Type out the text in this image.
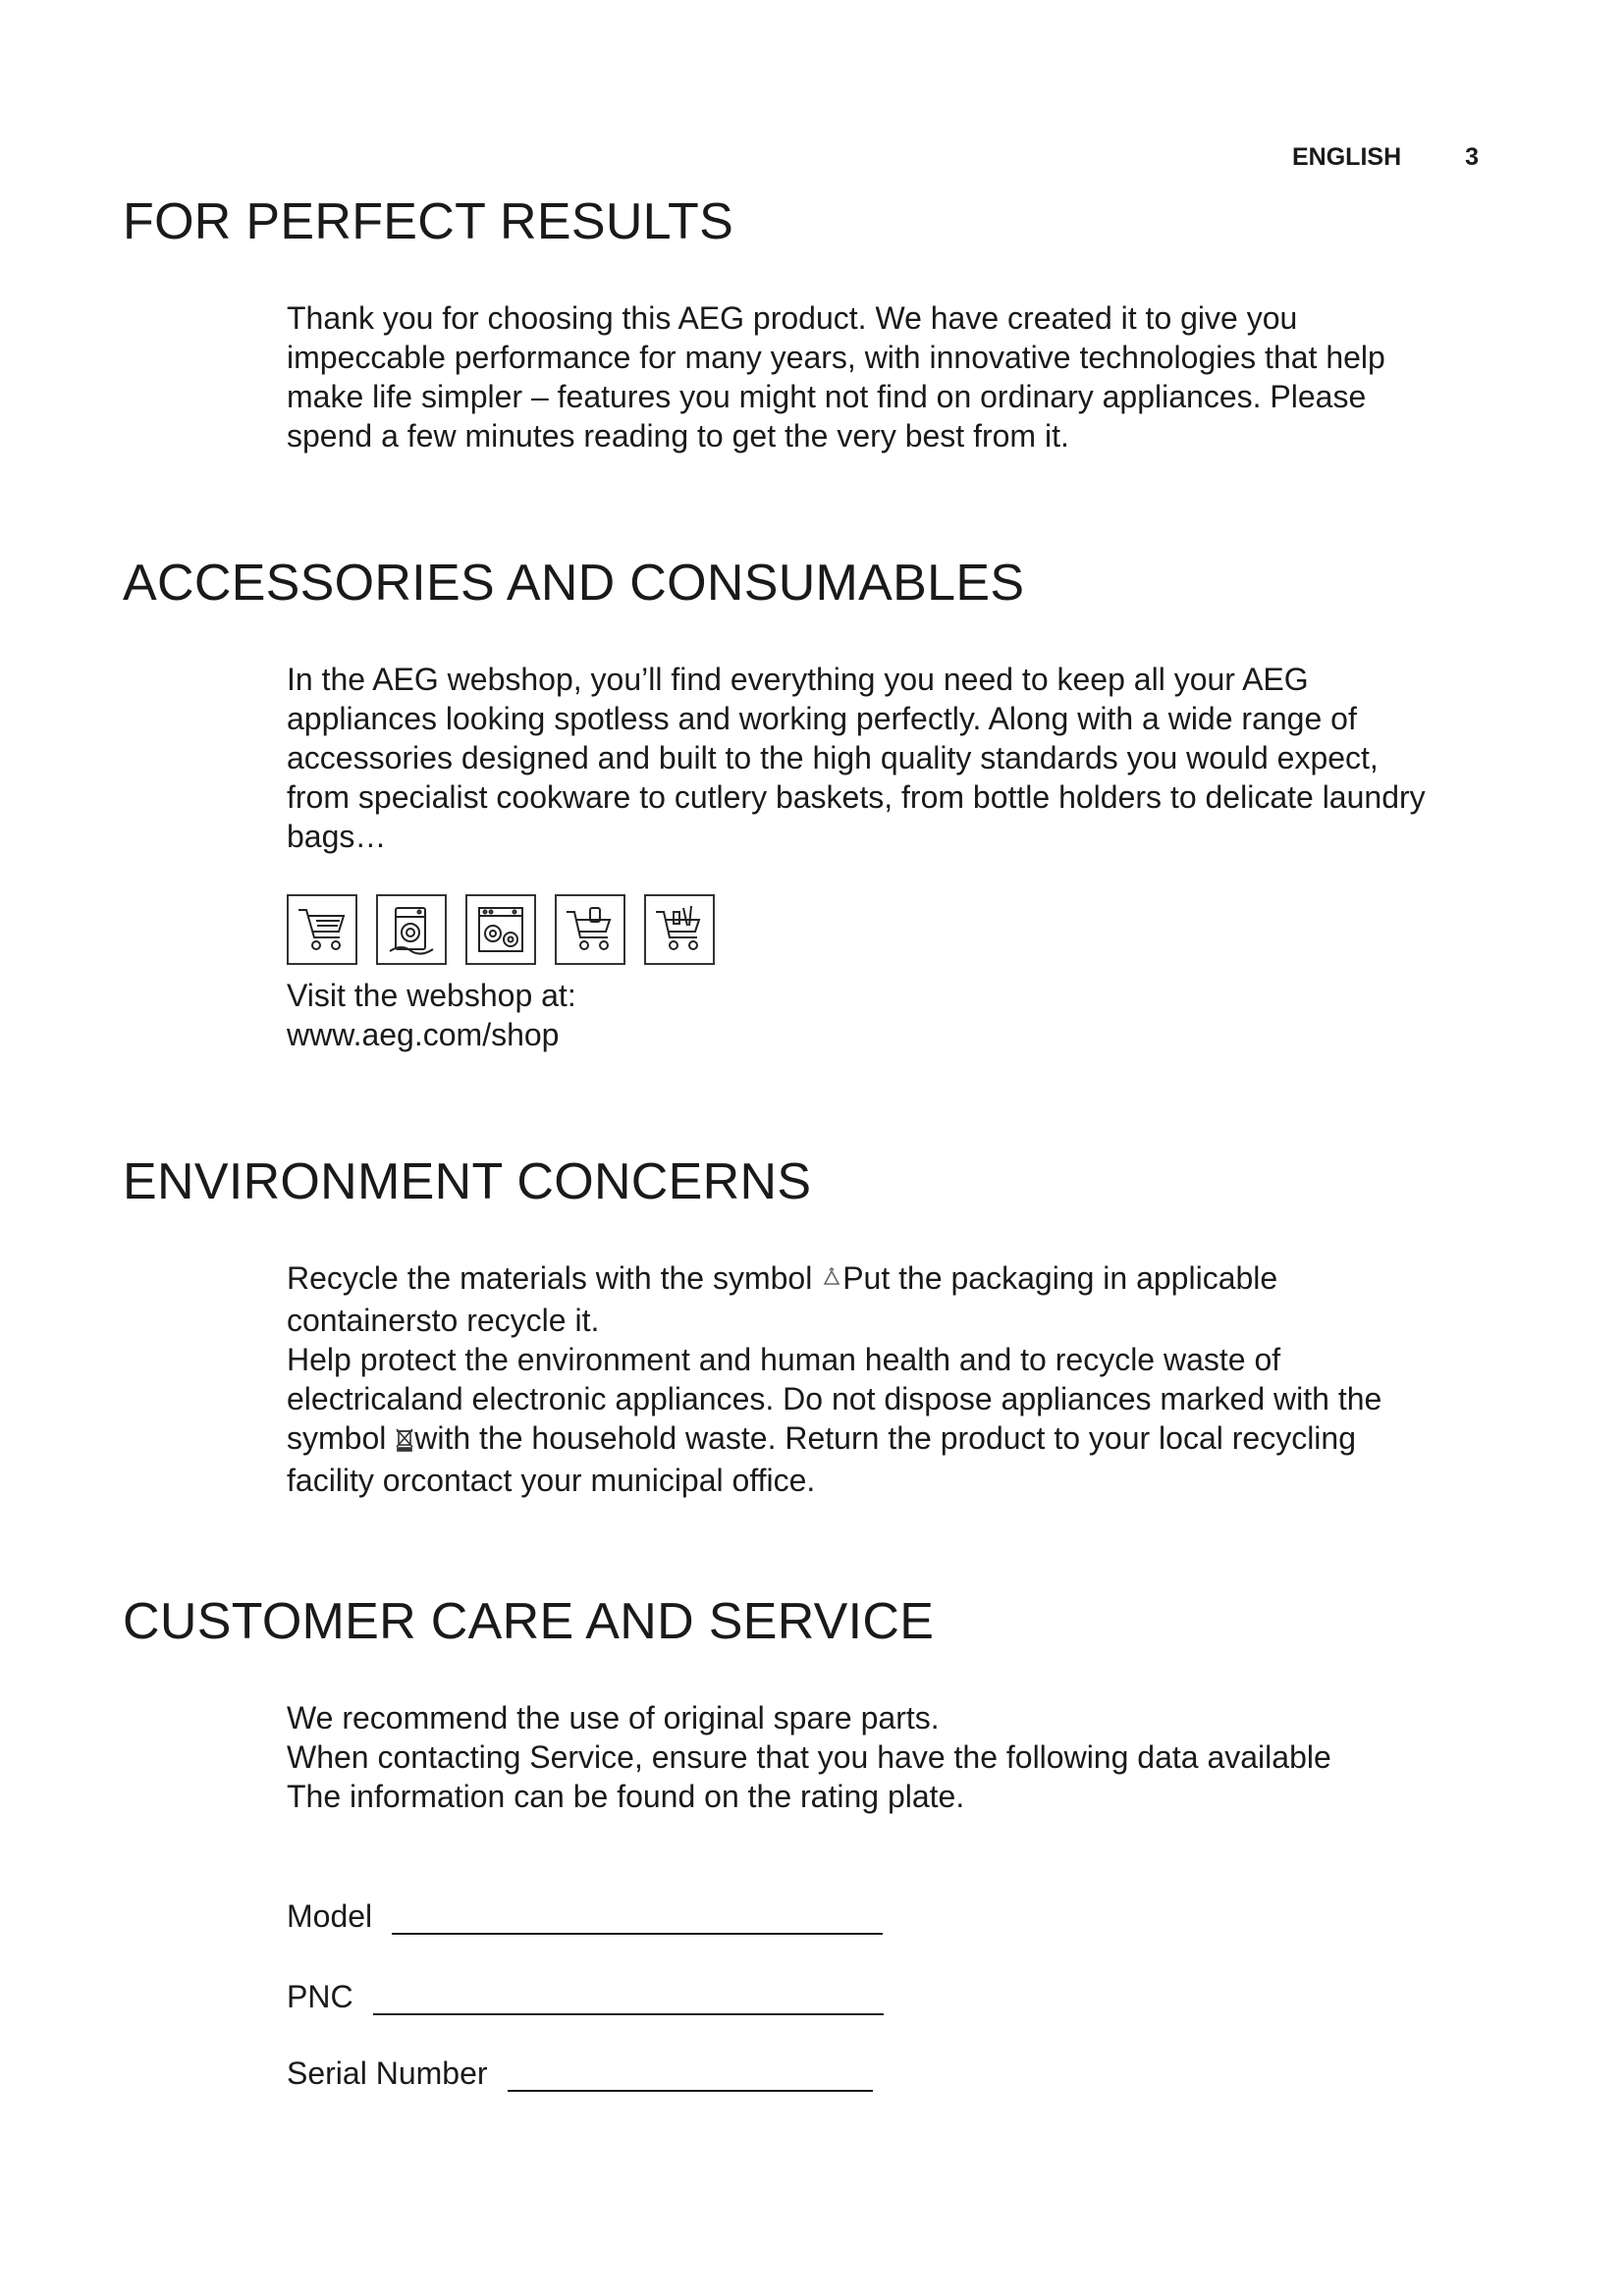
ENGLISH	3
FOR PERFECT RESULTS

Thank you for choosing this AEG product. We have created it to give you

impeccable performance for many years, with innovative technologies that help

make life simpler – features you might not find on ordinary appliances. Please

spend a few minutes reading to get the very best from it.

ACCESSORIES AND CONSUMABLES

In the AEG webshop, you’ll find everything you need to keep all your AEG

appliances looking spotless and working perfectly. Along with a wide range of

accessories designed and built to the high quality standards you would expect,

from specialist cookware to cutlery baskets, from bottle holders to delicate laundry

bags…

Visit the webshop at:

www.aeg.com/shop

ENVIRONMENT CONCERNS

Recycle the materials with the symbol Put the packaging in applicable

containersto recycle it.

Help protect the environment and human health and to recycle waste of

electricaland electronic appliances. Do not dispose appliances marked with the

symbol with the household waste. Return the product to your local recycling

facility orcontact your municipal office.

CUSTOMER CARE AND SERVICE

We recommend the use of original spare parts.

When contacting Service, ensure that you have the following data available

The information can be found on the rating plate.

Model
PNC
Serial Number
